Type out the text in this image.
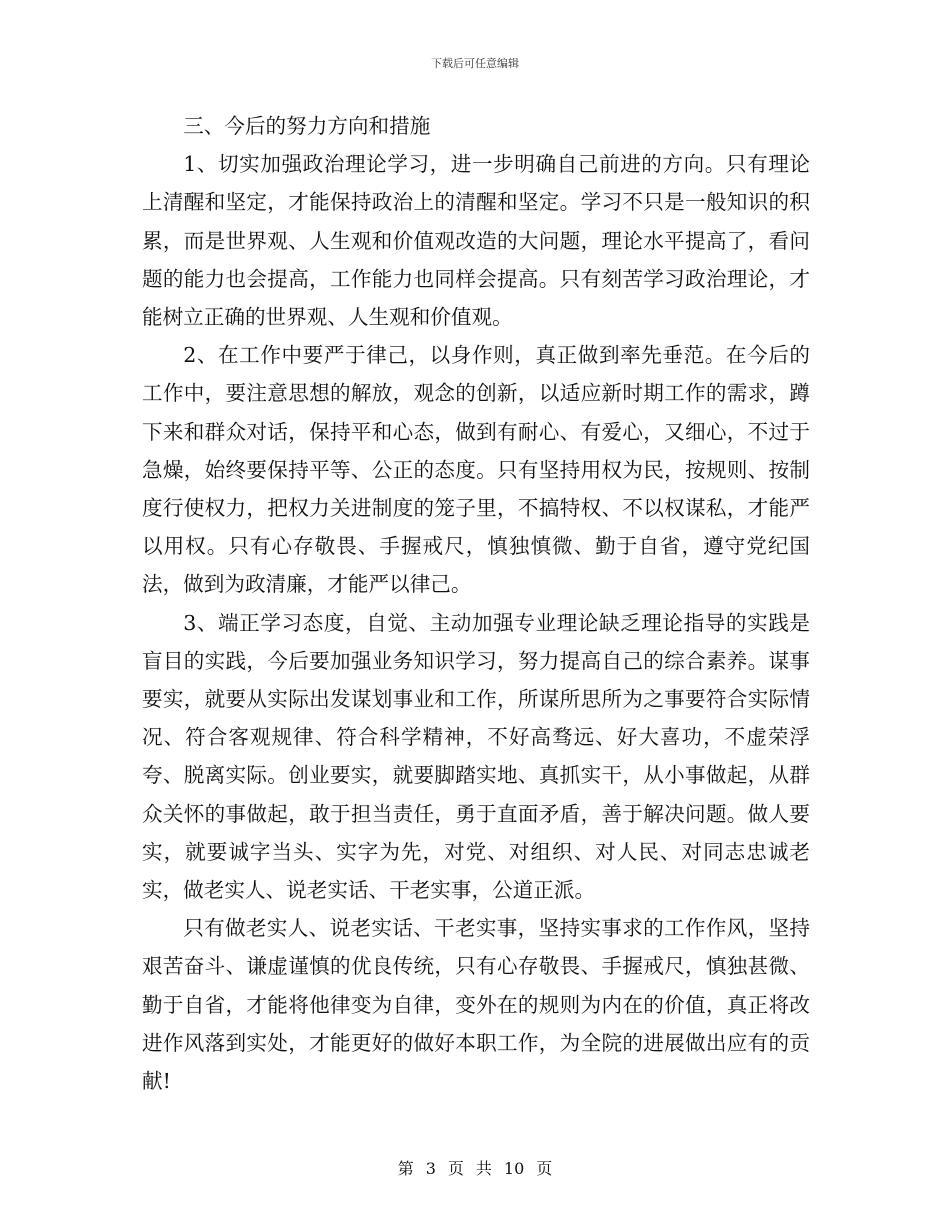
下载后可任意编辑

三、今后的努力方向和措施

1、切实加强政治理论学习，进一步明确自己前进的方向。只有理论上清醒和坚定，才能保持政治上的清醒和坚定。学习不只是一般知识的积累，而是世界观、人生观和价值观改造的大问题，理论水平提高了，看问题的能力也会提高，工作能力也同样会提高。只有刻苦学习政治理论，才能树立正确的世界观、人生观和价值观。

2、在工作中要严于律己，以身作则，真正做到率先垂范。在今后的工作中，要注意思想的解放，观念的创新，以适应新时期工作的需求，蹲下来和群众对话，保持平和心态，做到有耐心、有爱心，又细心，不过于急燥，始终要保持平等、公正的态度。只有坚持用权为民，按规则、按制度行使权力，把权力关进制度的笼子里，不搞特权、不以权谋私，才能严以用权。只有心存敬畏、手握戒尺，慎独慎微、勤于自省，遵守党纪国法，做到为政清廉，才能严以律己。

3、端正学习态度，自觉、主动加强专业理论缺乏理论指导的实践是盲目的实践，今后要加强业务知识学习，努力提高自己的综合素养。谋事要实，就要从实际出发谋划事业和工作，所谋所思所为之事要符合实际情况、符合客观规律、符合科学精神，不好高骛远、好大喜功，不虚荣浮夸、脱离实际。创业要实，就要脚踏实地、真抓实干，从小事做起，从群众关怀的事做起，敢于担当责任，勇于直面矛盾，善于解决问题。做人要实，就要诚字当头、实字为先，对党、对组织、对人民、对同志忠诚老实，做老实人、说老实话、干老实事，公道正派。

只有做老实人、说老实话、干老实事，坚持实事求的工作作风，坚持艰苦奋斗、谦虚谨慎的优良传统，只有心存敬畏、手握戒尺，慎独甚微、勤于自省，才能将他律变为自律，变外在的规则为内在的价值，真正将改进作风落到实处，才能更好的做好本职工作，为全院的进展做出应有的贡献!

第 3 页 共 10 页
